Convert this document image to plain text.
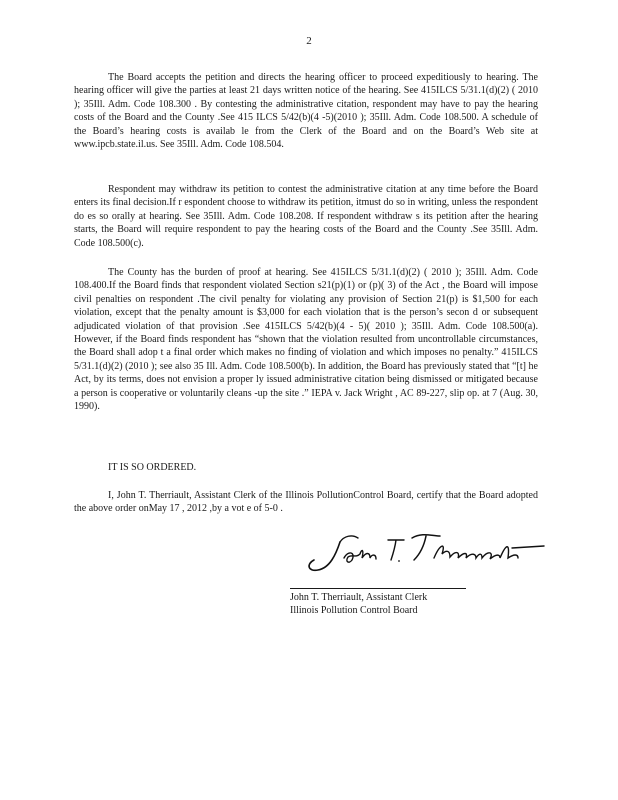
2

The Board accepts the petition and directs the hearing officer to proceed expeditiously to hearing. The hearing officer will give the parties at least 21 days written notice of the hearing. See 415ILCS 5/31.1(d)(2) ( 2010 ); 35Ill. Adm. Code 108.300 . By contesting the administrative citation, respondent may have to pay the hearing costs of the Board and the County .See 415 ILCS 5/42(b)(4 -5)(2010 ); 35Ill. Adm. Code 108.500. A schedule of the Board’s hearing costs is availab le from the Clerk of the Board and on the Board’s Web site at www.ipcb.state.il.us. See 35Ill. Adm. Code 108.504.

Respondent may withdraw its petition to contest the administrative citation at any time before the Board enters its final decision.If r espondent choose to withdraw its petition, itmust do so in writing, unless the respondent do es so orally at hearing. See 35Ill. Adm. Code 108.208. If respondent withdraw s its petition after the hearing starts, the Board will require respondent to pay the hearing costs of the Board and the County .See 35Ill. Adm. Code 108.500(c).

The County has the burden of proof at hearing. See 415ILCS 5/31.1(d)(2) ( 2010 ); 35Ill. Adm. Code 108.400.If the Board finds that respondent violated Section s21(p)(1) or (p)( 3) of the Act , the Board will impose civil penalties on respondent .The civil penalty for violating any provision of Section 21(p) is $1,500 for each violation, except that the penalty amount is $3,000 for each violation that is the person’s secon d or subsequent adjudicated violation of that provision .See 415ILCS 5/42(b)(4 - 5)( 2010 ); 35Ill. Adm. Code 108.500(a). However, if the Board finds respondent has “shown that the violation resulted from uncontrollable circumstances, the Board shall adop t a final order which makes no finding of violation and which imposes no penalty.” 415ILCS 5/31.1(d)(2) (2010 ); see also 35 Ill. Adm. Code 108.500(b). In addition, the Board has previously stated that “[t] he Act, by its terms, does not envision a proper ly issued administrative citation being dismissed or mitigated because a person is cooperative or voluntarily cleans -up the site .” IEPA v. Jack Wright , AC 89-227, slip op. at 7 (Aug. 30, 1990).

IT IS SO ORDERED.

I, John T. Therriault, Assistant Clerk of the Illinois PollutionControl Board, certify that the Board adopted the above order onMay 17 , 2012 ,by a vot e of 5-0 .

John T. Therriault, Assistant Clerk
Illinois Pollution Control Board
